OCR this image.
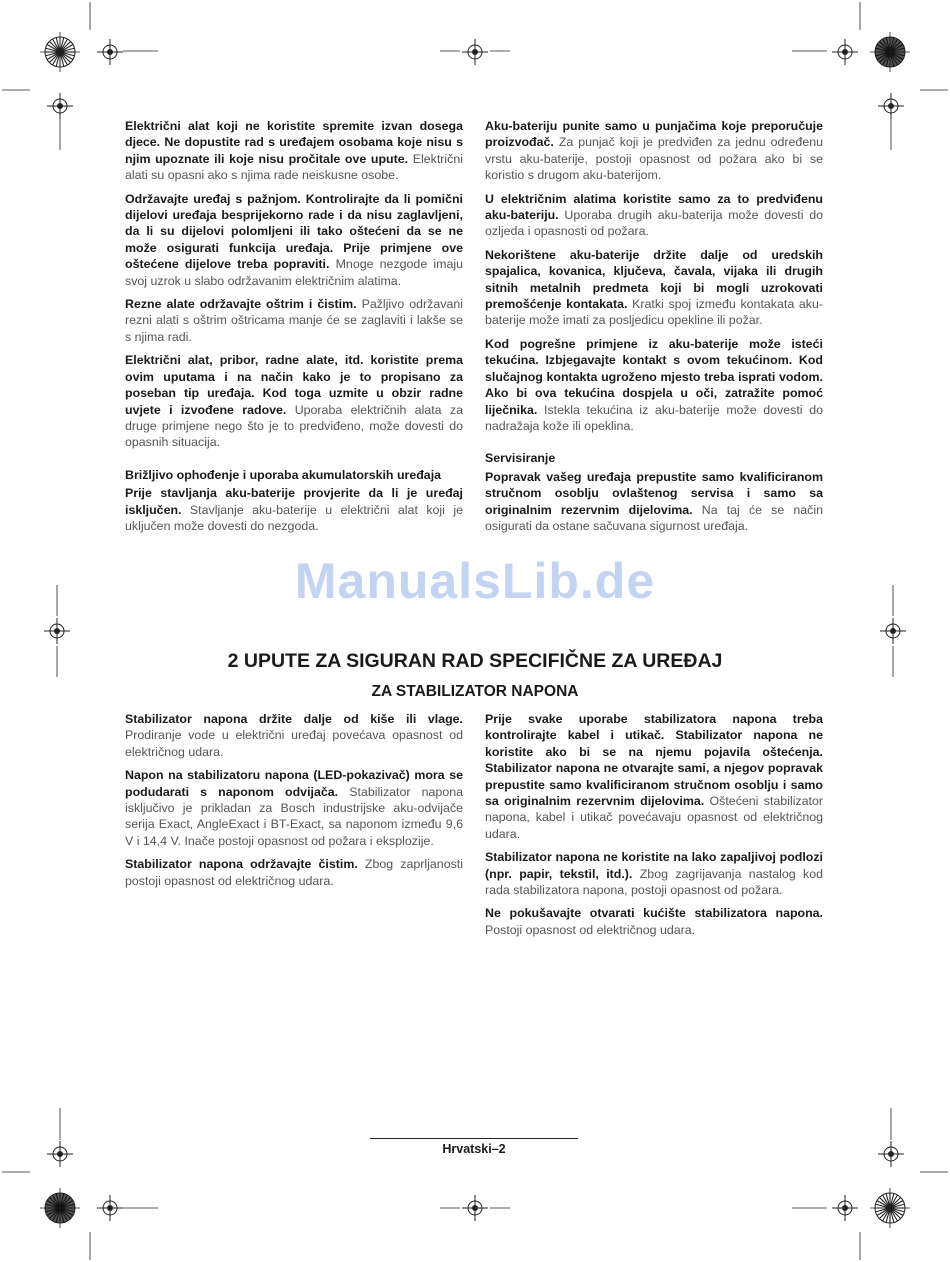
Električni alat koji ne koristite spremite izvan dosega djece. Ne dopustite rad s uređajem osobama koje nisu s njim upoznate ili koje nisu pročitale ove upute. Električni alati su opasni ako s njima rade neiskusne osobe.

Održavajte uređaj s pažnjom. Kontrolirajte da li pomični dijelovi uređaja besprijekorno rade i da nisu zaglavljeni, da li su dijelovi polomljeni ili tako oštećeni da se ne može osigurati funkcija uređaja. Prije primjene ove oštećene dijelove treba popraviti. Mnoge nezgode imaju svoj uzrok u slabo održavanim električnim alatima.

Rezne alate održavajte oštrim i čistim. Pažljivo održavani rezni alati s oštrim oštricama manje će se zaglaviti i lakše se s njima radi.

Električni alat, pribor, radne alate, itd. koristite prema ovim uputama i na način kako je to propisano za poseban tip uređaja. Kod toga uzmite u obzir radne uvjete i izvođene radove. Uporaba električnih alata za druge primjene nego što je to predviđeno, može dovesti do opasnih situacija.

Brižljivo ophođenje i uporaba akumulatorskih uređaja

Prije stavljanja aku-baterije provjerite da li je uređaj isključen. Stavljanje aku-baterije u električni alat koji je uključen može dovesti do nezgoda.

Aku-bateriju punite samo u punjačima koje preporučuje proizvođač. Za punjač koji je predviđen za jednu određenu vrstu aku-baterije, postoji opasnost od požara ako bi se koristio s drugom aku-baterijom.

U električnim alatima koristite samo za to predviđenu aku-bateriju. Uporaba drugih aku-baterija može dovesti do ozljeda i opasnosti od požara.

Nekorištene aku-baterije držite dalje od uredskih spajalica, kovanica, ključeva, čavala, vijaka ili drugih sitnih metalnih predmeta koji bi mogli uzrokovati premošćenje kontakata. Kratki spoj između kontakata aku-baterije može imati za posljedicu opekline ili požar.

Kod pogrešne primjene iz aku-baterije može isteći tekućina. Izbjegavajte kontakt s ovom tekućinom. Kod slučajnog kontakta ugroženo mjesto treba isprati vodom. Ako bi ova tekućina dospjela u oči, zatražite pomoć liječnika. Istekla tekućina iz aku-baterije može dovesti do nadražaja kože ili opeklina.

Servisiranje

Popravak vašeg uređaja prepustite samo kvalificiranom stručnom osoblju ovlaštenog servisa i samo sa originalnim rezervnim dijelovima. Na taj će se način osigurati da ostane sačuvana sigurnost uređaja.

2 UPUTE ZA SIGURAN RAD SPECIFIČNE ZA UREĐAJ
ZA STABILIZATOR NAPONA

Stabilizator napona držite dalje od kiše ili vlage. Prodiranje vode u električni uređaj povećava opasnost od električnog udara.

Napon na stabilizatoru napona (LED-pokazivač) mora se podudarati s naponom odvijača. Stabilizator napona isključivo je prikladan za Bosch industrijske aku-odvijače serija Exact, AngleExact i BT-Exact, sa naponom između 9,6 V i 14,4 V. Inače postoji opasnost od požara i eksplozije.

Stabilizator napona održavajte čistim. Zbog zaprljanosti postoji opasnost od električnog udara.

Prije svake uporabe stabilizatora napona treba kontrolirajte kabel i utikač. Stabilizator napona ne koristite ako bi se na njemu pojavila oštećenja. Stabilizator napona ne otvarajte sami, a njegov popravak prepustite samo kvalificiranom stručnom osoblju i samo sa originalnim rezervnim dijelovima. Oštećeni stabilizator napona, kabel i utikač povećavaju opasnost od električnog udara.

Stabilizator napona ne koristite na lako zapaljivoj podlozi (npr. papir, tekstil, itd.). Zbog zagrijavanja nastalog kod rada stabilizatora napona, postoji opasnost od požara.

Ne pokušavajte otvarati kućište stabilizatora napona. Postoji opasnost od električnog udara.

ManualsLib.de
Hrvatski–2
